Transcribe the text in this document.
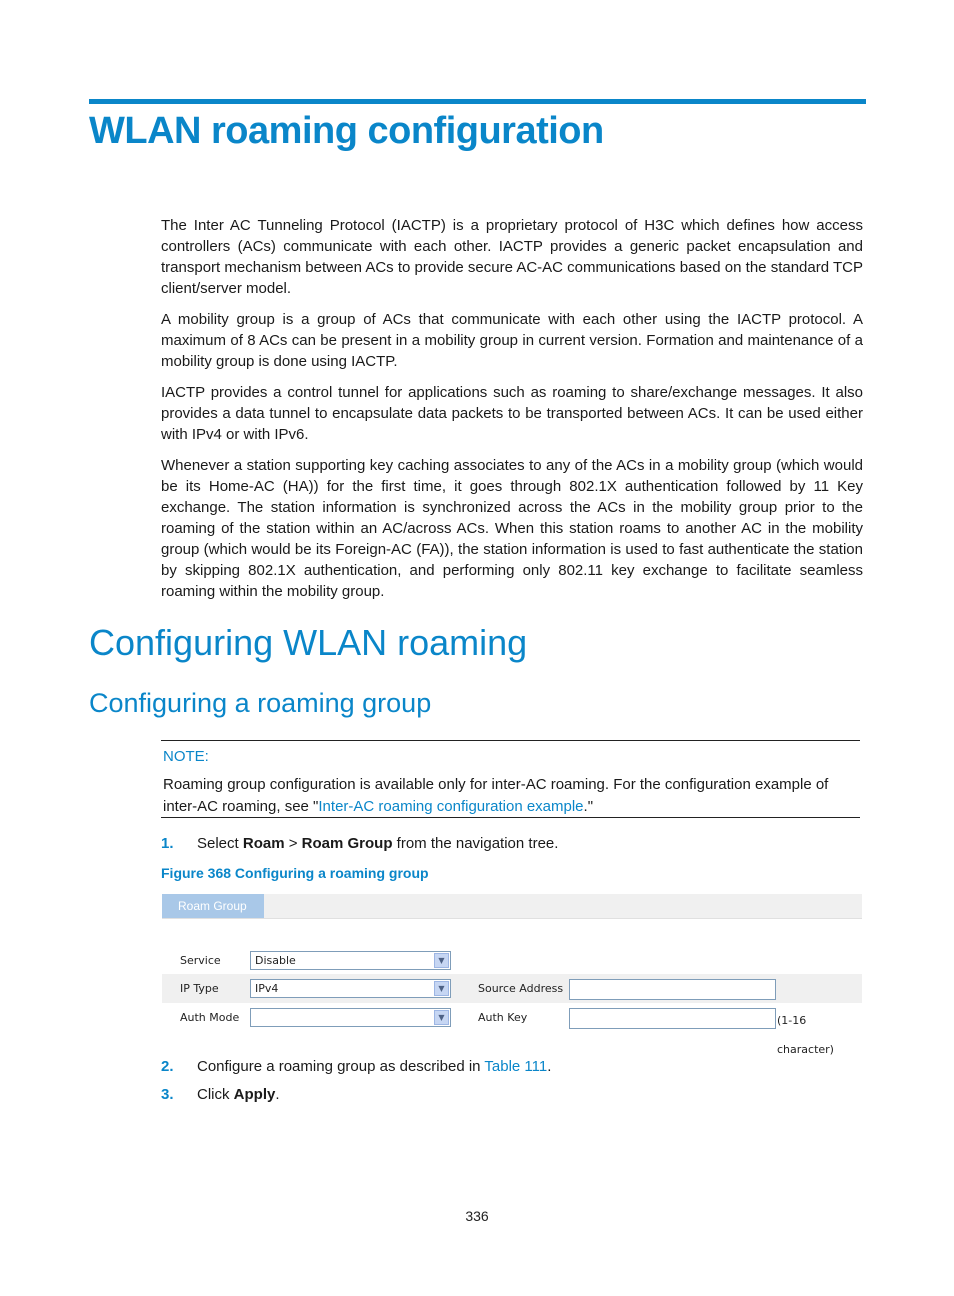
WLAN roaming configuration

The Inter AC Tunneling Protocol (IACTP) is a proprietary protocol of H3C which defines how access controllers (ACs) communicate with each other. IACTP provides a generic packet encapsulation and transport mechanism between ACs to provide secure AC-AC communications based on the standard TCP client/server model.

A mobility group is a group of ACs that communicate with each other using the IACTP protocol. A maximum of 8 ACs can be present in a mobility group in current version. Formation and maintenance of a mobility group is done using IACTP.

IACTP provides a control tunnel for applications such as roaming to share/exchange messages. It also provides a data tunnel to encapsulate data packets to be transported between ACs. It can be used either with IPv4 or with IPv6.

Whenever a station supporting key caching associates to any of the ACs in a mobility group (which would be its Home-AC (HA)) for the first time, it goes through 802.1X authentication followed by 11 Key exchange. The station information is synchronized across the ACs in the mobility group prior to the roaming of the station within an AC/across ACs. When this station roams to another AC in the mobility group (which would be its Foreign-AC (FA)), the station information is used to fast authenticate the station by skipping 802.1X authentication, and performing only 802.11 key exchange to facilitate seamless roaming within the mobility group.

Configuring WLAN roaming
Configuring a roaming group
NOTE:
Roaming group configuration is available only for inter-AC roaming. For the configuration example of inter-AC roaming, see "Inter-AC roaming configuration example."
1. Select Roam > Roam Group from the navigation tree.

Figure 368 Configuring a roaming group

Roam Group
Service	Disable	▼
IP Type	IPv4	▼	Source Address
Auth Mode	▼	Auth Key	(1-16 character)
2. Configure a roaming group as described in Table 111.
3. Click Apply.
336
